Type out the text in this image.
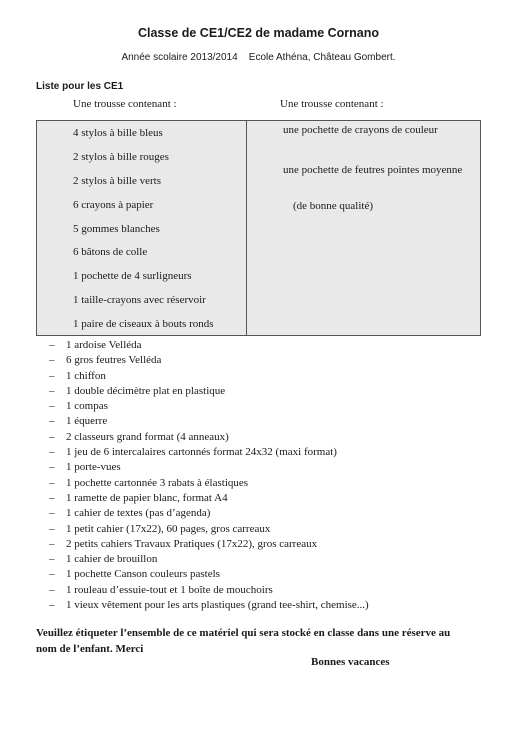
Classe de CE1/CE2 de madame Cornano
Année scolaire 2013/2014    Ecole Athéna, Château Gombert.
Liste pour les CE1
Une trousse contenant :	Une trousse contenant :
4 stylos à bille bleus
2 stylos à bille rouges
2 stylos à bille verts
6 crayons à papier
5 gommes blanches
6 bâtons de colle
1 pochette de 4 surligneurs
1 taille-crayons avec réservoir
1 paire de ciseaux à bouts ronds
une pochette de crayons de couleur
une pochette de feutres pointes moyenne
(de bonne qualité)
– 1 ardoise Velléda
– 6 gros feutres Velléda
– 1 chiffon
– 1 double décimètre plat en plastique
– 1 compas
– 1 équerre
– 2 classeurs grand format (4 anneaux)
– 1 jeu de 6 intercalaires cartonnés format 24x32 (maxi format)
– 1 porte-vues
– 1 pochette cartonnée 3 rabats à élastiques
– 1 ramette de papier blanc, format A4
– 1 cahier de textes (pas d’agenda)
– 1 petit cahier (17x22), 60 pages, gros carreaux
– 2 petits cahiers Travaux Pratiques (17x22), gros carreaux
– 1 cahier de brouillon
– 1 pochette Canson couleurs pastels
– 1 rouleau d’essuie-tout et 1 boîte de mouchoirs
– 1 vieux vêtement pour les arts plastiques (grand tee-shirt, chemise...)
Veuillez étiqueter l’ensemble de ce matériel qui sera stocké en classe dans une réserve au nom de l’enfant. Merci
Bonnes vacances
